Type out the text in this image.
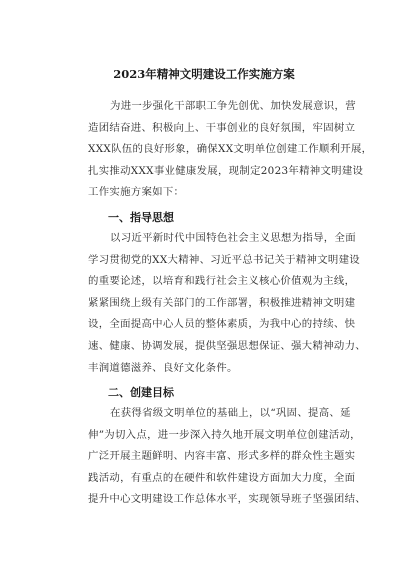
2023年精神文明建设工作实施方案
为进一步强化干部职工争先创优、加快发展意识，营
造团结奋进、积极向上、干事创业的良好氛围，牢固树立
XXX队伍的良好形象，确保XX文明单位创建工作顺利开展，
扎实推动XXX事业健康发展，现制定2023年精神文明建设
工作实施方案如下：
一、指导思想
以习近平新时代中国特色社会主义思想为指导，全面
学习贯彻党的XX大精神、习近平总书记关于精神文明建设
的重要论述，以培育和践行社会主义核心价值观为主线，
紧紧围绕上级有关部门的工作部署，积极推进精神文明建
设，全面提高中心人员的整体素质，为我中心的持续、快
速、健康、协调发展，提供坚强思想保证、强大精神动力、
丰润道德滋养、良好文化条件。
二、创建目标
在获得省级文明单位的基础上，以“巩固、提高、延
伸”为切入点，进一步深入持久地开展文明单位创建活动，
广泛开展主题鲜明、内容丰富、形式多样的群众性主题实
践活动，有重点的在硬件和软件建设方面加大力度，全面
提升中心文明建设工作总体水平，实现领导班子坚强团结、
